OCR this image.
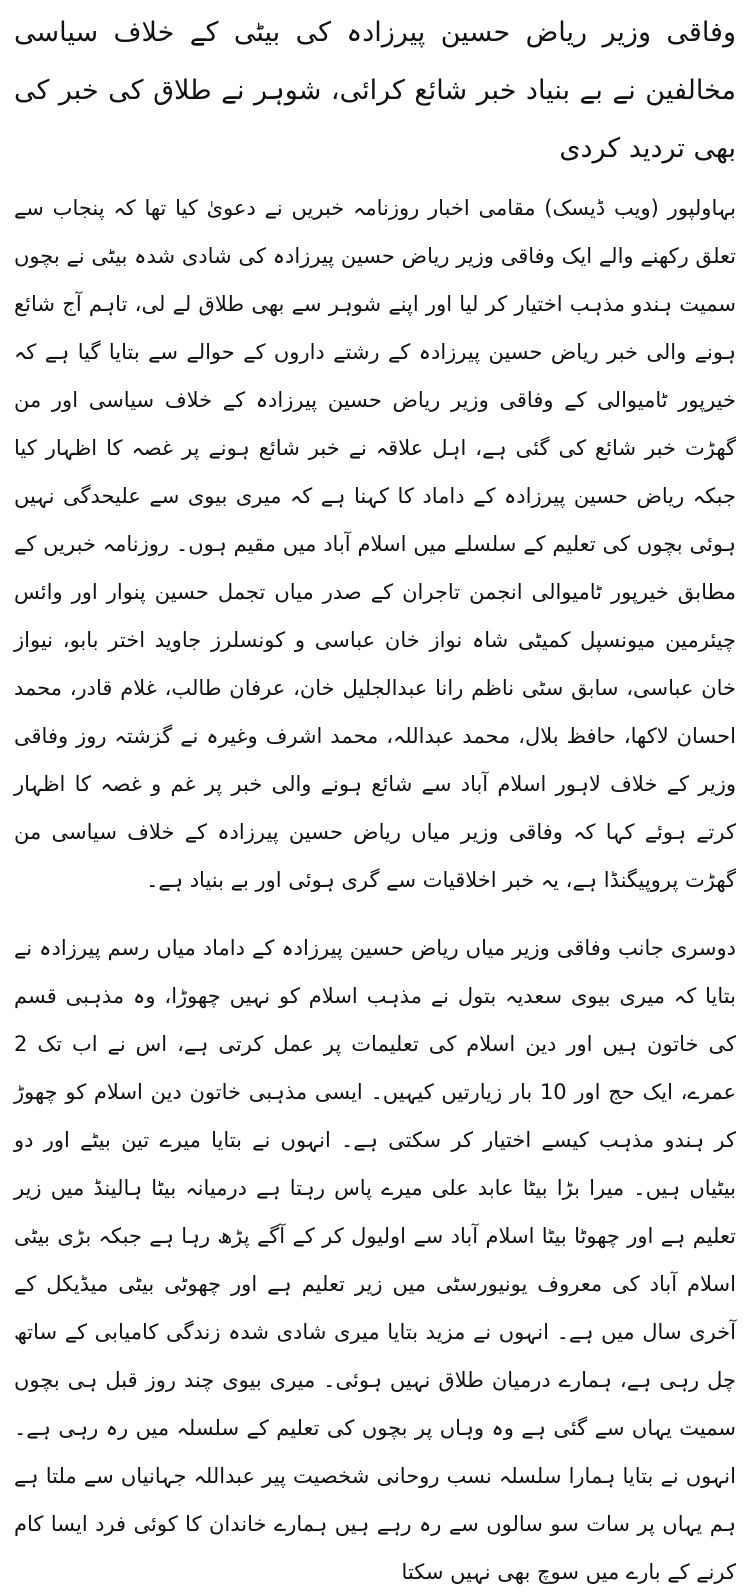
وفاقی وزیر ریاض حسین پیرزادہ کی بیٹی کے خلاف سیاسی مخالفین نے بے بنیاد خبر شائع کرائی، شوہر نے طلاق کی خبر کی بھی تردید کردی

بہاولپور (ویب ڈیسک) مقامی اخبار روزنامہ خبریں نے دعویٰ کیا تھا کہ پنجاب سے تعلق رکھنے والے ایک وفاقی وزیر ریاض حسین پیرزادہ کی شادی شدہ بیٹی نے بچوں سمیت ہندو مذہب اختیار کر لیا اور اپنے شوہر سے بھی طلاق لے لی، تاہم آج شائع ہونے والی خبر ریاض حسین پیرزادہ کے رشتے داروں کے حوالے سے بتایا گیا ہے کہ خیرپور ٹامیوالی کے وفاقی وزیر ریاض حسین پیرزادہ کے خلاف سیاسی اور من گھڑت خبر شائع کی گئی ہے، اہل علاقہ نے خبر شائع ہونے پر غصہ کا اظہار کیا جبکہ ریاض حسین پیرزادہ کے داماد کا کہنا ہے کہ میری بیوی سے علیحدگی نہیں ہوئی بچوں کی تعلیم کے سلسلے میں اسلام آباد میں مقیم ہوں۔ روزنامہ خبریں کے مطابق خیرپور ٹامیوالی انجمن تاجران کے صدر میاں تجمل حسین پنوار اور وائس چیئرمین میونسپل کمیٹی شاہ نواز خان عباسی و کونسلرز جاوید اختر بابو، نیواز خان عباسی، سابق سٹی ناظم رانا عبدالجلیل خان، عرفان طالب، غلام قادر، محمد احسان لاکھا، حافظ بلال، محمد عبداللہ، محمد اشرف وغیرہ نے گزشتہ روز وفاقی وزیر کے خلاف لاہور اسلام آباد سے شائع ہونے والی خبر پر غم و غصہ کا اظہار کرتے ہوئے کہا کہ وفاقی وزیر میاں ریاض حسین پیرزادہ کے خلاف سیاسی من گھڑت پروپیگنڈا ہے، یہ خبر اخلاقیات سے گری ہوئی اور بے بنیاد ہے۔

دوسری جانب وفاقی وزیر میاں ریاض حسین پیرزادہ کے داماد میاں رسم پیرزادہ نے بتایا کہ میری بیوی سعدیہ بتول نے مذہب اسلام کو نہیں چھوڑا، وہ مذہبی قسم کی خاتون ہیں اور دین اسلام کی تعلیمات پر عمل کرتی ہے، اس نے اب تک 2 عمرے، ایک حج اور 10 بار زیارتیں کیہیں۔ ایسی مذہبی خاتون دین اسلام کو چھوڑ کر ہندو مذہب کیسے اختیار کر سکتی ہے۔ انہوں نے بتایا میرے تین بیٹے اور دو بیٹیاں ہیں۔ میرا بڑا بیٹا عابد علی میرے پاس رہتا ہے درمیانہ بیٹا ہالینڈ میں زیر تعلیم ہے اور چھوٹا بیٹا اسلام آباد سے اولیول کر کے آگے پڑھ رہا ہے جبکہ بڑی بیٹی اسلام آباد کی معروف یونیورسٹی میں زیر تعلیم ہے اور چھوٹی بیٹی میڈیکل کے آخری سال میں ہے۔ انہوں نے مزید بتایا میری شادی شدہ زندگی کامیابی کے ساتھ چل رہی ہے، ہمارے درمیان طلاق نہیں ہوئی۔ میری بیوی چند روز قبل ہی بچوں سمیت یہاں سے گئی ہے وہ وہاں پر بچوں کی تعلیم کے سلسلہ میں رہ رہی ہے۔ انہوں نے بتایا ہمارا سلسلہ نسب روحانی شخصیت پیر عبداللہ جہانیاں سے ملتا ہے ہم یہاں پر سات سو سالوں سے رہ رہے ہیں ہمارے خاندان کا کوئی فرد ایسا کام کرنے کے بارے میں سوچ بھی نہیں سکتا
